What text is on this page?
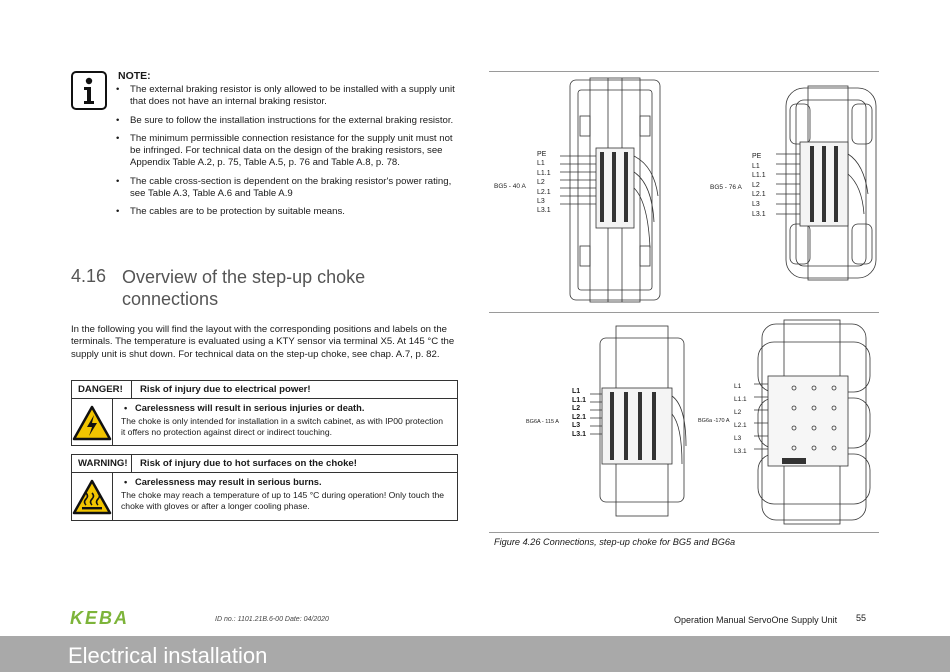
NOTE:
• The external braking resistor is only allowed to be installed with a supply unit that does not have an internal braking resistor.
• Be sure to follow the installation instructions for the external braking resistor.
• The minimum permissible connection resistance for the supply unit must not be infringed. For technical data on the design of the braking resistors, see Appendix Table A.2, p. 75, Table A.5, p. 76 and Table A.8, p. 78.
• The cable cross-section is dependent on the braking resistor's power rating, see Table A.3, Table A.6 and Table A.9
• The cables are to be protection by suitable means.
4.16 Overview of the step-up choke connections
In the following you will find the layout with the corresponding positions and labels on the terminals. The temperature is evaluated using a KTY sensor via terminal X5. At 145 °C the supply unit is shut down. For technical data on the step-up choke, see chap. A.7, p. 82.
DANGER!	Risk of injury due to electrical power!
• Carelessness will result in serious injuries or death.
The choke is only intended for installation in a switch cabinet, as with IP00 protection it offers no protection against direct or indirect touching.
WARNING!	Risk of injury due to hot surfaces on the choke!
• Carelessness may result in serious burns.
The choke may reach a temperature of up to 145 °C during operation! Only touch the choke with gloves or after a longer cooling phase.
BG5 - 40 A
PE
L1
L1.1
L2
L2.1
L3
L3.1
BG5 - 76 A
PE
L1
L1.1
L2
L2.1
L3
L3.1
BG6A - 115 A
L1
L1.1
L2
L2.1
L3
L3.1
BG6a -170 A
L1
L1.1
L2
L2.1
L3
L3.1
Figure 4.26 Connections, step-up choke for BG5 and BG6a
KEBA	ID no.: 1101.21B.6-00 Date: 04/2020	Operation Manual ServoOne Supply Unit 55
Electrical installation
